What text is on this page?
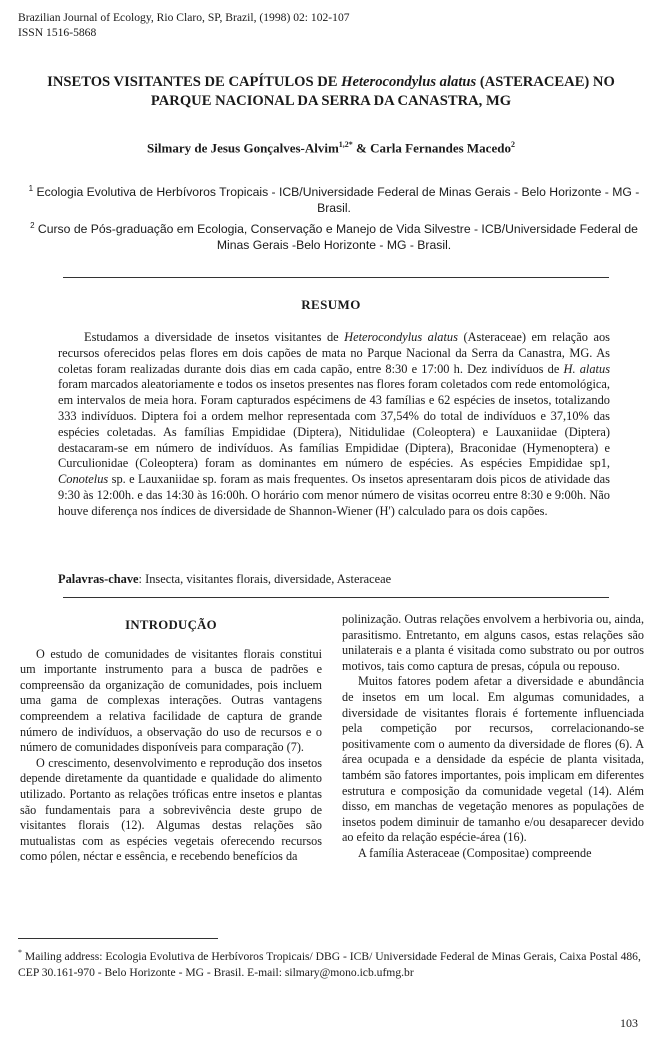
Brazilian Journal of Ecology, Rio Claro, SP, Brazil, (1998) 02: 102-107
ISSN 1516-5868
INSETOS VISITANTES DE CAPÍTULOS DE Heterocondylus alatus (ASTERACEAE) NO
PARQUE NACIONAL DA SERRA DA CANASTRA, MG
Silmary de Jesus Gonçalves-Alvim$^{1,2*}$ & Carla Fernandes Macedo$^2$
$^1$ Ecologia Evolutiva de Herbívoros Tropicais - ICB/Universidade Federal de Minas Gerais - Belo Horizonte - MG - Brasil.
$^2$ Curso de Pós-graduação em Ecologia, Conservação e Manejo de Vida Silvestre - ICB/Universidade Federal de Minas Gerais -Belo Horizonte - MG - Brasil.
RESUMO

Estudamos a diversidade de insetos visitantes de Heterocondylus alatus (Asteraceae) em relação aos recursos oferecidos pelas flores em dois capões de mata no Parque Nacional da Serra da Canastra, MG. As coletas foram realizadas durante dois dias em cada capão, entre 8:30 e 17:00 h. Dez indivíduos de H. alatus foram marcados aleatoriamente e todos os insetos presentes nas flores foram coletados com rede entomológica, em intervalos de meia hora. Foram capturados espécimens de 43 famílias e 62 espécies de insetos, totalizando 333 indivíduos. Diptera foi a ordem melhor representada com 37,54% do total de indivíduos e 37,10% das espécies coletadas. As famílias Empididae (Diptera), Nitidulidae (Coleoptera) e Lauxaniidae (Diptera) destacaram-se em número de indivíduos. As famílias Empididae (Diptera), Braconidae (Hymenoptera) e Curculionidae (Coleoptera) foram as dominantes em número de espécies. As espécies Empididae sp1, Conotelus sp. e Lauxaniidae sp. foram as mais frequentes. Os insetos apresentaram dois picos de atividade das 9:30 às 12:00h. e das 14:30 às 16:00h. O horário com menor número de visitas ocorreu entre 8:30 e 9:00h. Não houve diferença nos índices de diversidade de Shannon-Wiener (H') calculado para os dois capões.

Palavras-chave: Insecta, visitantes florais, diversidade, Asteraceae
INTRODUÇÃO

O estudo de comunidades de visitantes florais constitui um importante instrumento para a busca de padrões e compreensão da organização de comunidades, pois incluem uma gama de complexas interações. Outras vantagens compreendem a relativa facilidade de captura de grande número de indivíduos, a observação do uso de recursos e o número de comunidades disponíveis para comparação (7).

O crescimento, desenvolvimento e reprodução dos insetos depende diretamente da quantidade e qualidade do alimento utilizado. Portanto as relações tróficas entre insetos e plantas são fundamentais para a sobrevivência deste grupo de visitantes florais (12). Algumas destas relações são mutualistas com as espécies vegetais oferecendo recursos como pólen, néctar e essência, e recebendo benefícios da

polinização. Outras relações envolvem a herbivoria ou, ainda, parasitismo. Entretanto, em alguns casos, estas relações são unilaterais e a planta é visitada como substrato ou por outros motivos, tais como captura de presas, cópula ou repouso.

Muitos fatores podem afetar a diversidade e abundância de insetos em um local. Em algumas comunidades, a diversidade de visitantes florais é fortemente influenciada pela competição por recursos, correlacionando-se positivamente com o aumento da diversidade de flores (6). A área ocupada e a densidade da espécie de planta visitada, também são fatores importantes, pois implicam em diferentes estrutura e composição da comunidade vegetal (14). Além disso, em manchas de vegetação menores as populações de insetos podem diminuir de tamanho e/ou desaparecer devido ao efeito da relação espécie-área (16).

A família Asteraceae (Compositae) compreende

* Mailing address: Ecologia Evolutiva de Herbívoros Tropicais/ DBG - ICB/ Universidade Federal de Minas Gerais, Caixa Postal 486, CEP 30.161-970 - Belo Horizonte - MG - Brasil. E-mail: silmary@mono.icb.ufmg.br
103
